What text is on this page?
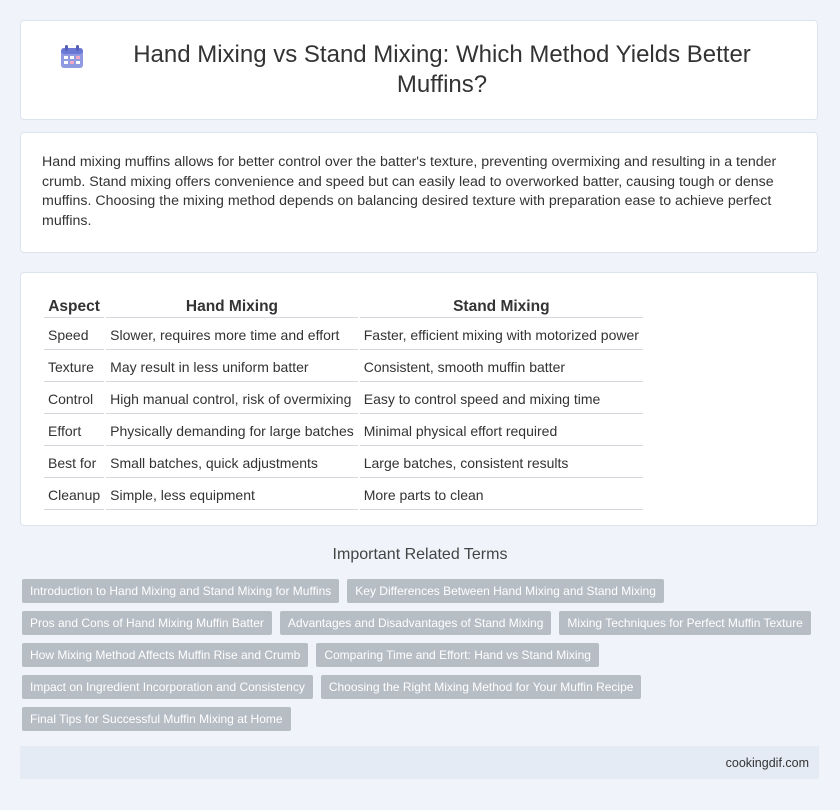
Hand Mixing vs Stand Mixing: Which Method Yields Better Muffins?

Hand mixing muffins allows for better control over the batter's texture, preventing overmixing and resulting in a tender crumb. Stand mixing offers convenience and speed but can easily lead to overworked batter, causing tough or dense muffins. Choosing the mixing method depends on balancing desired texture with preparation ease to achieve perfect muffins.

Aspect	Hand Mixing	Stand Mixing
Speed	Slower, requires more time and effort	Faster, efficient mixing with motorized power
Texture	May result in less uniform batter	Consistent, smooth muffin batter
Control	High manual control, risk of overmixing	Easy to control speed and mixing time
Effort	Physically demanding for large batches	Minimal physical effort required
Best for	Small batches, quick adjustments	Large batches, consistent results
Cleanup	Simple, less equipment	More parts to clean
Important Related Terms
Introduction to Hand Mixing and Stand Mixing for Muffins	Key Differences Between Hand Mixing and Stand Mixing
Pros and Cons of Hand Mixing Muffin Batter	Advantages and Disadvantages of Stand Mixing	Mixing Techniques for Perfect Muffin Texture
How Mixing Method Affects Muffin Rise and Crumb	Comparing Time and Effort: Hand vs Stand Mixing
Impact on Ingredient Incorporation and Consistency	Choosing the Right Mixing Method for Your Muffin Recipe
Final Tips for Successful Muffin Mixing at Home
cookingdif.com
